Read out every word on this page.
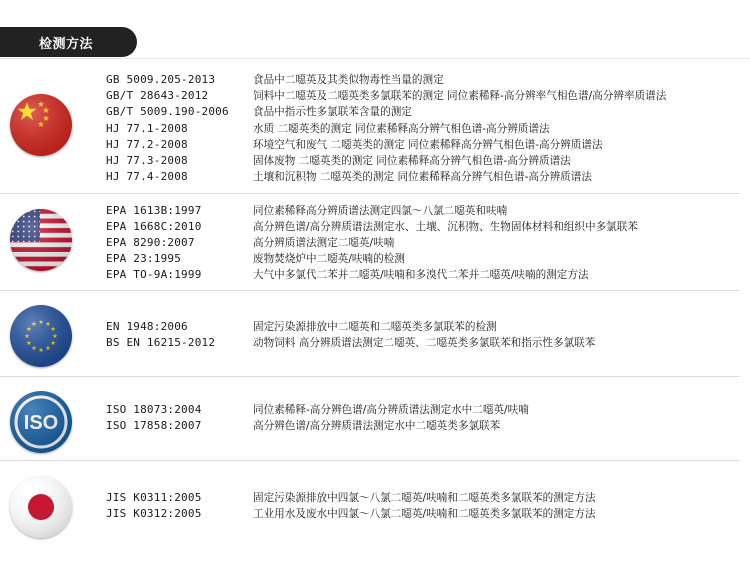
检测方法
GB 5009.205-2013	食品中二噁英及其类似物毒性当量的测定
GB/T 28643-2012	饲料中二噁英及二噁英类多氯联苯的测定 同位素稀释-高分辨率气相色谱/高分辨率质谱法
GB/T 5009.190-2006 食品中指示性多氯联苯含量的测定
HJ 77.1-2008	水质 二噁英类的测定 同位素稀释高分辨气相色谱-高分辨质谱法
HJ 77.2-2008	环境空气和废气 二噁英类的测定 同位素稀释高分辨气相色谱-高分辨质谱法
HJ 77.3-2008	固体废物 二噁英类的测定 同位素稀释高分辨气相色谱-高分辨质谱法
HJ 77.4-2008	土壤和沉积物 二噁英类的测定 同位素稀释高分辨气相色谱-高分辨质谱法
EPA 1613B:1997	同位素稀释高分辨质谱法测定四氯～八氯二噁英和呋喃
EPA 1668C:2010	高分辨色谱/高分辨质谱法测定水、土壤、沉积物、生物固体材料和组织中多氯联苯
EPA 8290:2007	高分辨质谱法测定二噁英/呋喃
EPA 23:1995	废物焚烧炉中二噁英/呋喃的检测
EPA TO-9A:1999	大气中多氯代二苯并二噁英/呋喃和多溴代二苯并二噁英/呋喃的测定方法
EN 1948:2006	固定污染源排放中二噁英和二噁英类多氯联苯的检测
BS EN 16215-2012	动物饲料 高分辨质谱法测定二噁英、二噁英类多氯联苯和指示性多氯联苯
ISO 18073:2004	同位素稀释-高分辨色谱/高分辨质谱法测定水中二噁英/呋喃
ISO 17858:2007	高分辨色谱/高分辨质谱法测定水中二噁英类多氯联苯
JIS K0311:2005	固定污染源排放中四氯～八氯二噁英/呋喃和二噁英类多氯联苯的测定方法
JIS K0312:2005	工业用水及废水中四氯～八氯二噁英/呋喃和二噁英类多氯联苯的测定方法
